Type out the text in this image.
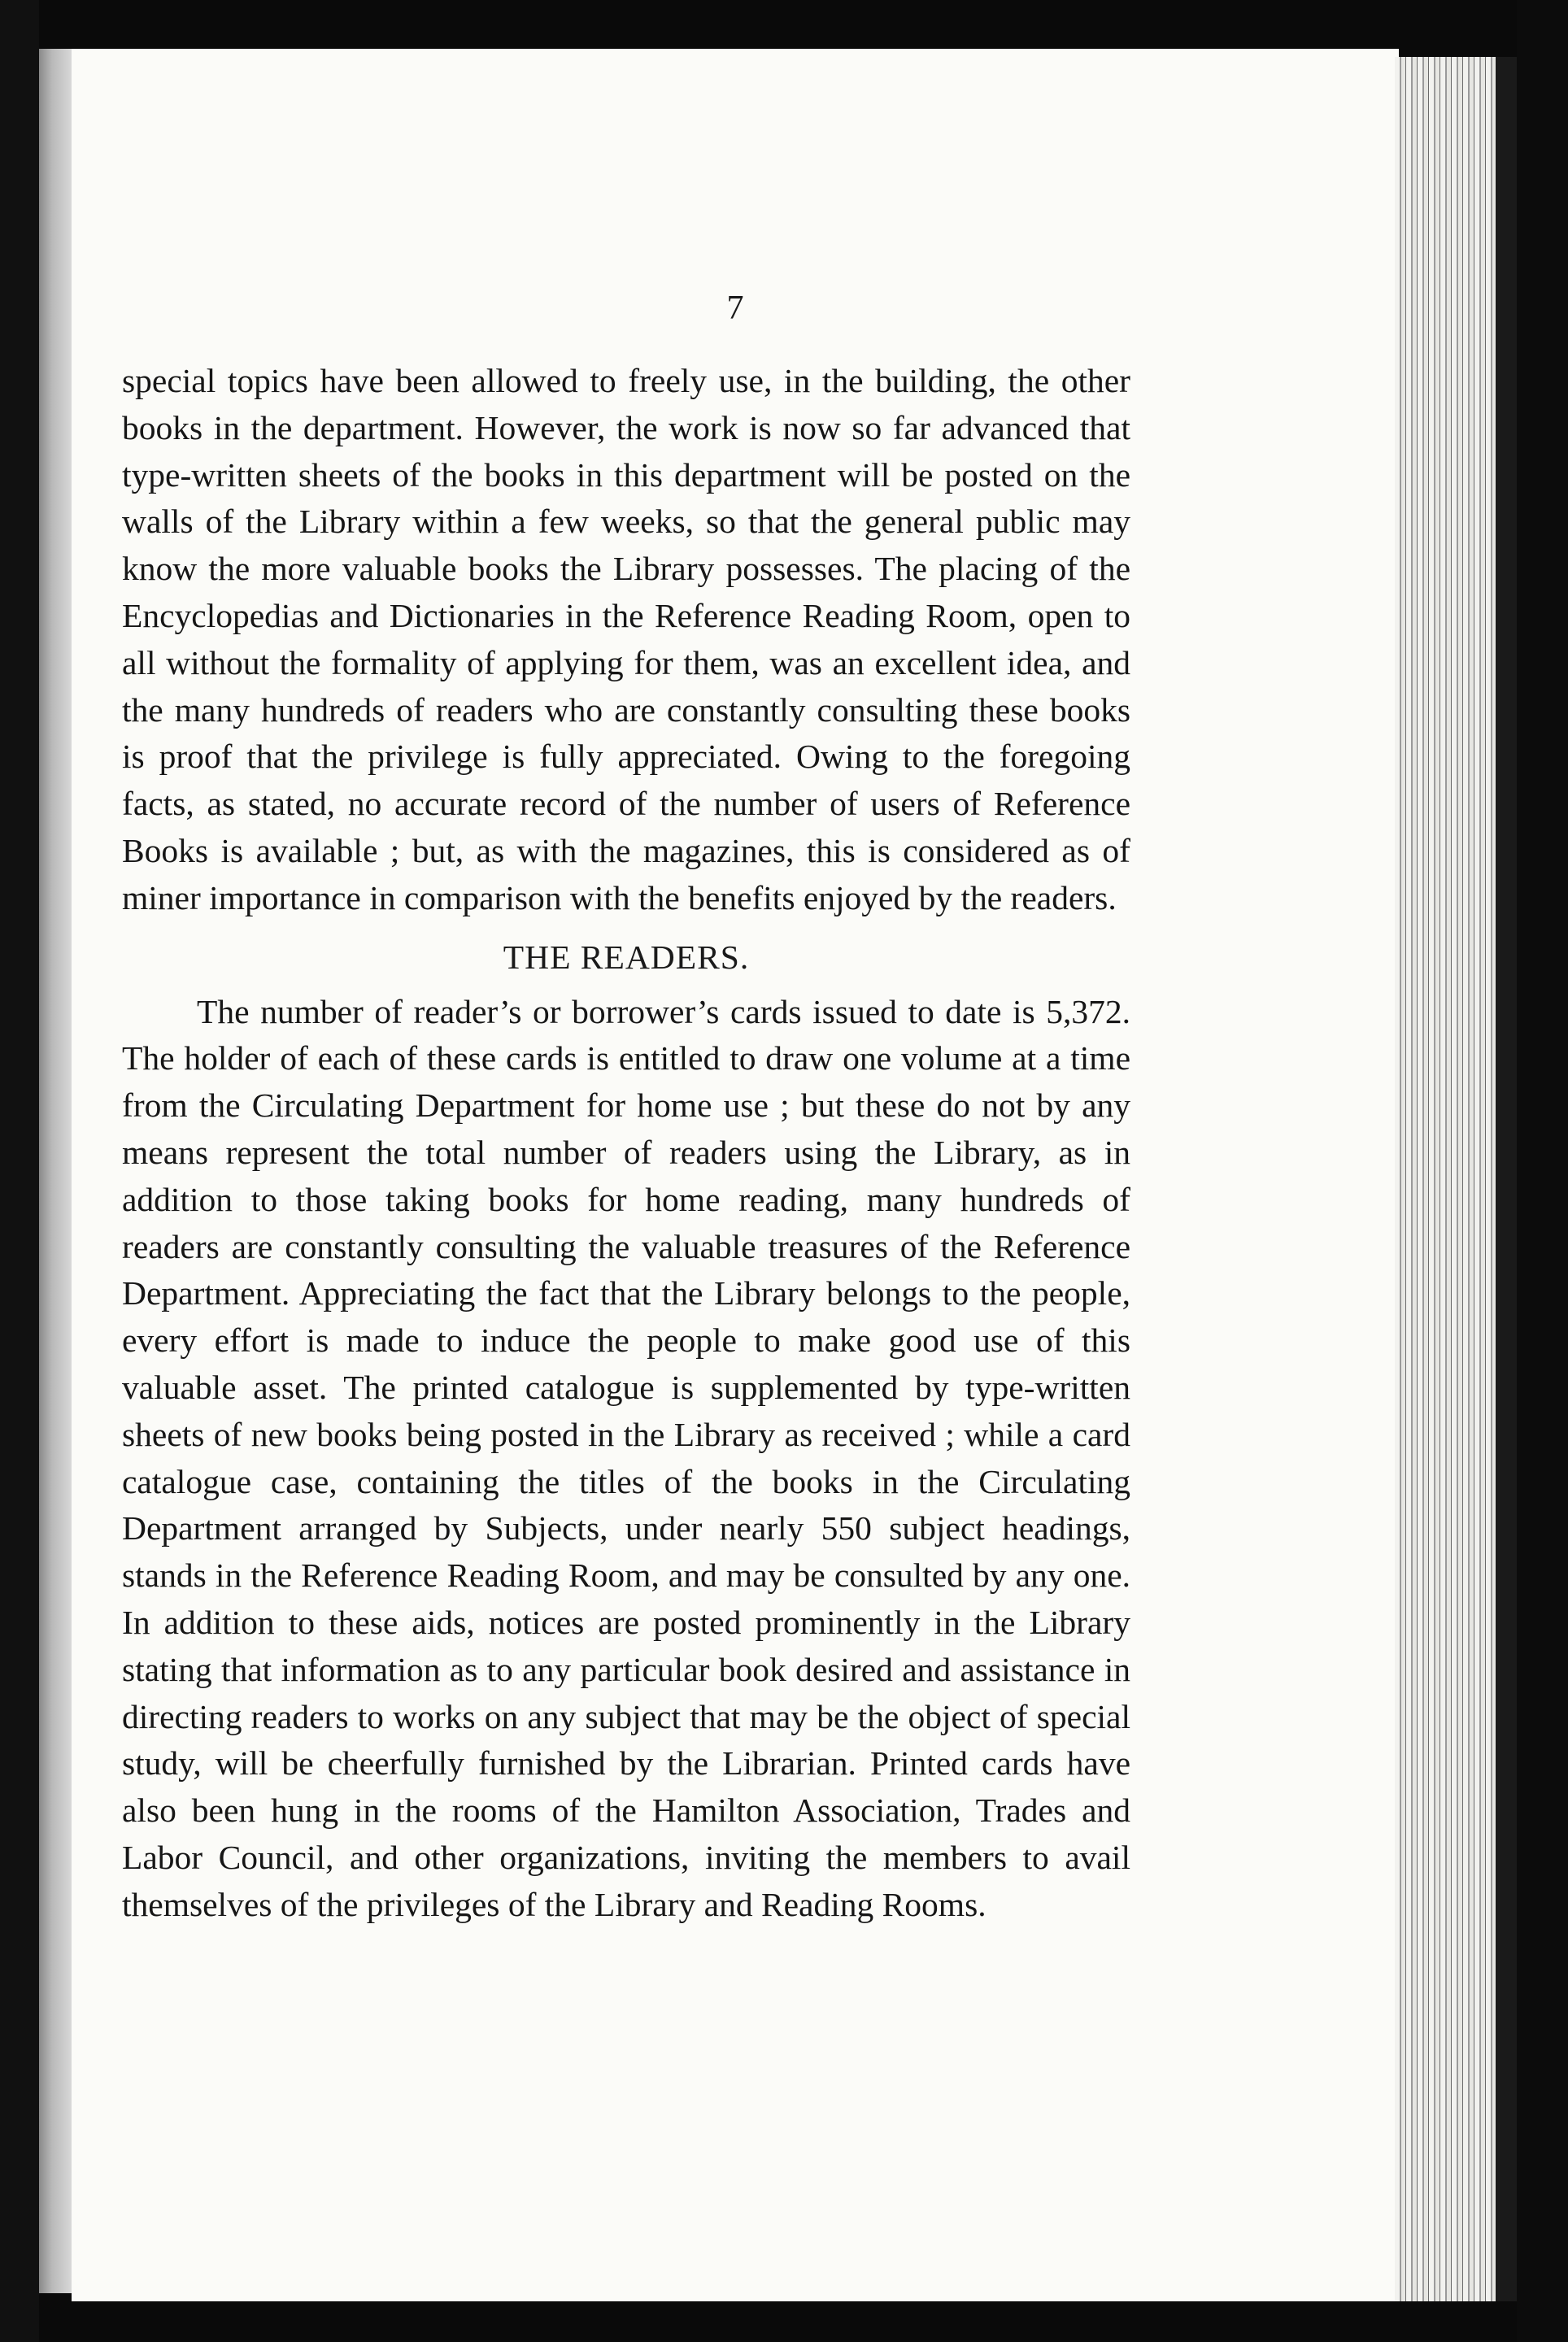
7

special topics have been allowed to freely use, in the building, the other books in the department. However, the work is now so far advanced that type-written sheets of the books in this department will be posted on the walls of the Library within a few weeks, so that the general public may know the more valuable books the Library possesses. The placing of the Encyclopedias and Dictionaries in the Reference Reading Room, open to all without the formality of applying for them, was an excellent idea, and the many hundreds of readers who are constantly consulting these books is proof that the privilege is fully appreciated. Owing to the foregoing facts, as stated, no accurate record of the number of users of Reference Books is available ; but, as with the magazines, this is considered as of miner importance in comparison with the benefits enjoyed by the readers.

THE READERS.

The number of reader’s or borrower’s cards issued to date is 5,372. The holder of each of these cards is entitled to draw one volume at a time from the Circulating Department for home use ; but these do not by any means represent the total number of readers using the Library, as in addition to those taking books for home reading, many hundreds of readers are constantly consulting the valuable treasures of the Reference Department. Appreciating the fact that the Library belongs to the people, every effort is made to induce the people to make good use of this valuable asset. The printed catalogue is supplemented by type-written sheets of new books being posted in the Library as received ; while a card catalogue case, containing the titles of the books in the Circulating Department arranged by Subjects, under nearly 550 subject headings, stands in the Reference Reading Room, and may be consulted by any one. In addition to these aids, notices are posted prominently in the Library stating that information as to any particular book desired and assistance in directing readers to works on any subject that may be the object of special study, will be cheerfully furnished by the Librarian. Printed cards have also been hung in the rooms of the Hamilton Association, Trades and Labor Council, and other organizations, inviting the members to avail themselves of the privileges of the Library and Reading Rooms.
